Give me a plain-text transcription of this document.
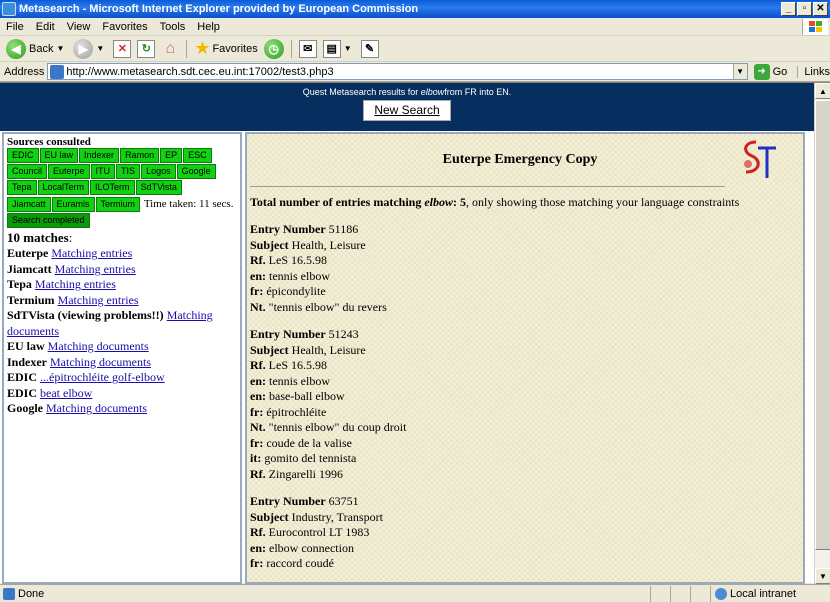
Metasearch - Microsoft Internet Explorer provided by European Commission	_	▫	✕
File	Edit	View	Favorites	Tools	Help
◀ Back ▼	▶	▼	✕	↻ ⌂ ★ Favorites ◷	✉	▤ ▼	✎
Address http://www.metasearch.sdt.cec.eu.int:17002/test3.php3	▼	➜ Go	Links
Quest Metasearch results for elbowfrom FR into EN.
New Search
Sources consulted
EDIC EU law Indexer Ramon EP ESC
Council Euterpe ITU TIS Logos Google
Tepa LocalTerm ILOTerm SdTVista
Jiamcatt Euramis Termium Time taken: 11 secs. Search completed
10 matches:
Euterpe Matching entries
Jiamcatt Matching entries
Tepa Matching entries
Termium Matching entries
SdTVista (viewing problems!!) Matching documents
EU law Matching documents
Indexer Matching documents
EDIC ...épitrochléite golf-elbow
EDIC beat elbow
Google Matching documents
Euterpe Emergency Copy
Total number of entries matching elbow: 5, only showing those matching your language constraints
Entry Number 51186
Subject Health, Leisure
Rf. LeS 16.5.98
en: tennis elbow
fr: épicondylite
Nt. "tennis elbow" du revers
Entry Number 51243
Subject Health, Leisure
Rf. LeS 16.5.98
en: tennis elbow
en: base-ball elbow
fr: épitrochléite
Nt. "tennis elbow" du coup droit
fr: coude de la valise
it: gomito del tennista
Rf. Zingarelli 1996
Entry Number 63751
Subject Industry, Transport
Rf. Eurocontrol LT 1983
en: elbow connection
fr: raccord coudé
▲
▼
Done	Local intranet
